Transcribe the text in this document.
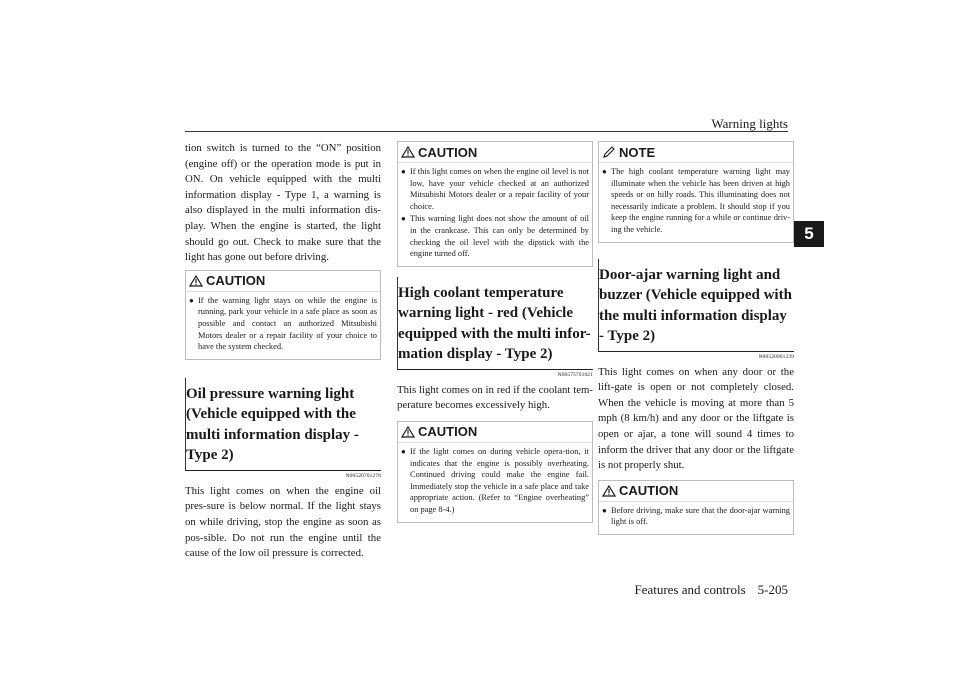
Warning lights
5

tion switch is turned to the “ON” position (engine off) or the operation mode is put in ON. On vehicle equipped with the multi information display - Type 1, a warning is also displayed in the multi information dis-play. When the engine is started, the light should go out. Check to make sure that the light has gone out before driving.

CAUTION
● If the warning light stays on while the engine is running, park your vehicle in a safe place as soon as possible and contact an authorized Mitsubishi Motors dealer or a repair facility of your choice to have the system checked.
Oil pressure warning light (Vehicle equipped with the multi information display - Type 2)
N00520701278

This light comes on when the engine oil pres-sure is below normal. If the light stays on while driving, stop the engine as soon as pos-sible. Do not run the engine until the cause of the low oil pressure is corrected.

CAUTION
● If this light comes on when the engine oil level is not low, have your vehicle checked at an authorized Mitsubishi Motors dealer or a repair facility of your choice.
● This warning light does not show the amount of oil in the crankcase. This can only be determined by checking the oil level with the dipstick with the engine turned off.
High coolant temperature warning light - red (Vehicle equipped with the multi infor-mation display - Type 2)
N00575701021

This light comes on in red if the coolant tem-perature becomes excessively high.

CAUTION
● If the light comes on during vehicle opera-tion, it indicates that the engine is possibly overheating. Continued driving could make the engine fail. Immediately stop the vehicle in a safe place and take appropriate action. (Refer to “Engine overheating” on page 8-4.)
NOTE
● The high coolant temperature warning light may illuminate when the vehicle has been driven at high speeds or on hilly roads. This illuminating does not necessarily indicate a problem. It should stop if you keep the engine running for a while or continue driv-ing the vehicle.
Door-ajar warning light and buzzer (Vehicle equipped with the multi information display - Type 2)
N00520901339

This light comes on when any door or the lift-gate is open or not completely closed. When the vehicle is moving at more than 5 mph (8 km/h) and any door or the liftgate is open or ajar, a tone will sound 4 times to inform the driver that any door or the liftgate is not properly shut.

CAUTION
● Before driving, make sure that the door-ajar warning light is off.
Features and controls 5-205
